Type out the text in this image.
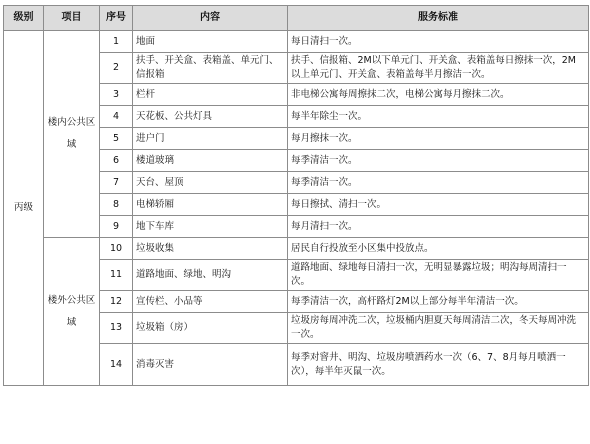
级别	项目	序号	内容	服务标准
丙级	楼内公共区域	1	地面	每日清扫一次。
		2	扶手、开关盒、表箱盖、单元门、信报箱	扶手、信报箱、2M以下单元门、开关盒、表箱盖每日擦抹一次，2M以上单元门、开关盒、表箱盖每半月擦洁一次。
		3	栏杆	非电梯公寓每周擦抹二次，电梯公寓每月擦抹二次。
		4	天花板、公共灯具	每半年除尘一次。
		5	进户门	每月擦抹一次。
		6	楼道玻璃	每季清洁一次。
		7	天台、屋顶	每季清洁一次。
		8	电梯轿厢	每日擦拭、清扫一次。
		9	地下车库	每月清扫一次。
	楼外公共区域	10	垃圾收集	居民自行投放至小区集中投放点。
		11	道路地面、绿地、明沟	道路地面、绿地每日清扫一次，无明显暴露垃圾；明沟每周清扫一次。
		12	宣传栏、小品等	每季清洁一次，高杆路灯2M以上部分每半年清洁一次。
		13	垃圾箱（房）	垃圾房每周冲洗二次，垃圾桶内胆夏天每周清洁二次，冬天每周冲洗一次。
		14	消毒灭害	每季对窨井、明沟、垃圾房喷洒药水一次（6、7、8月每月喷洒一次），每半年灭鼠一次。
